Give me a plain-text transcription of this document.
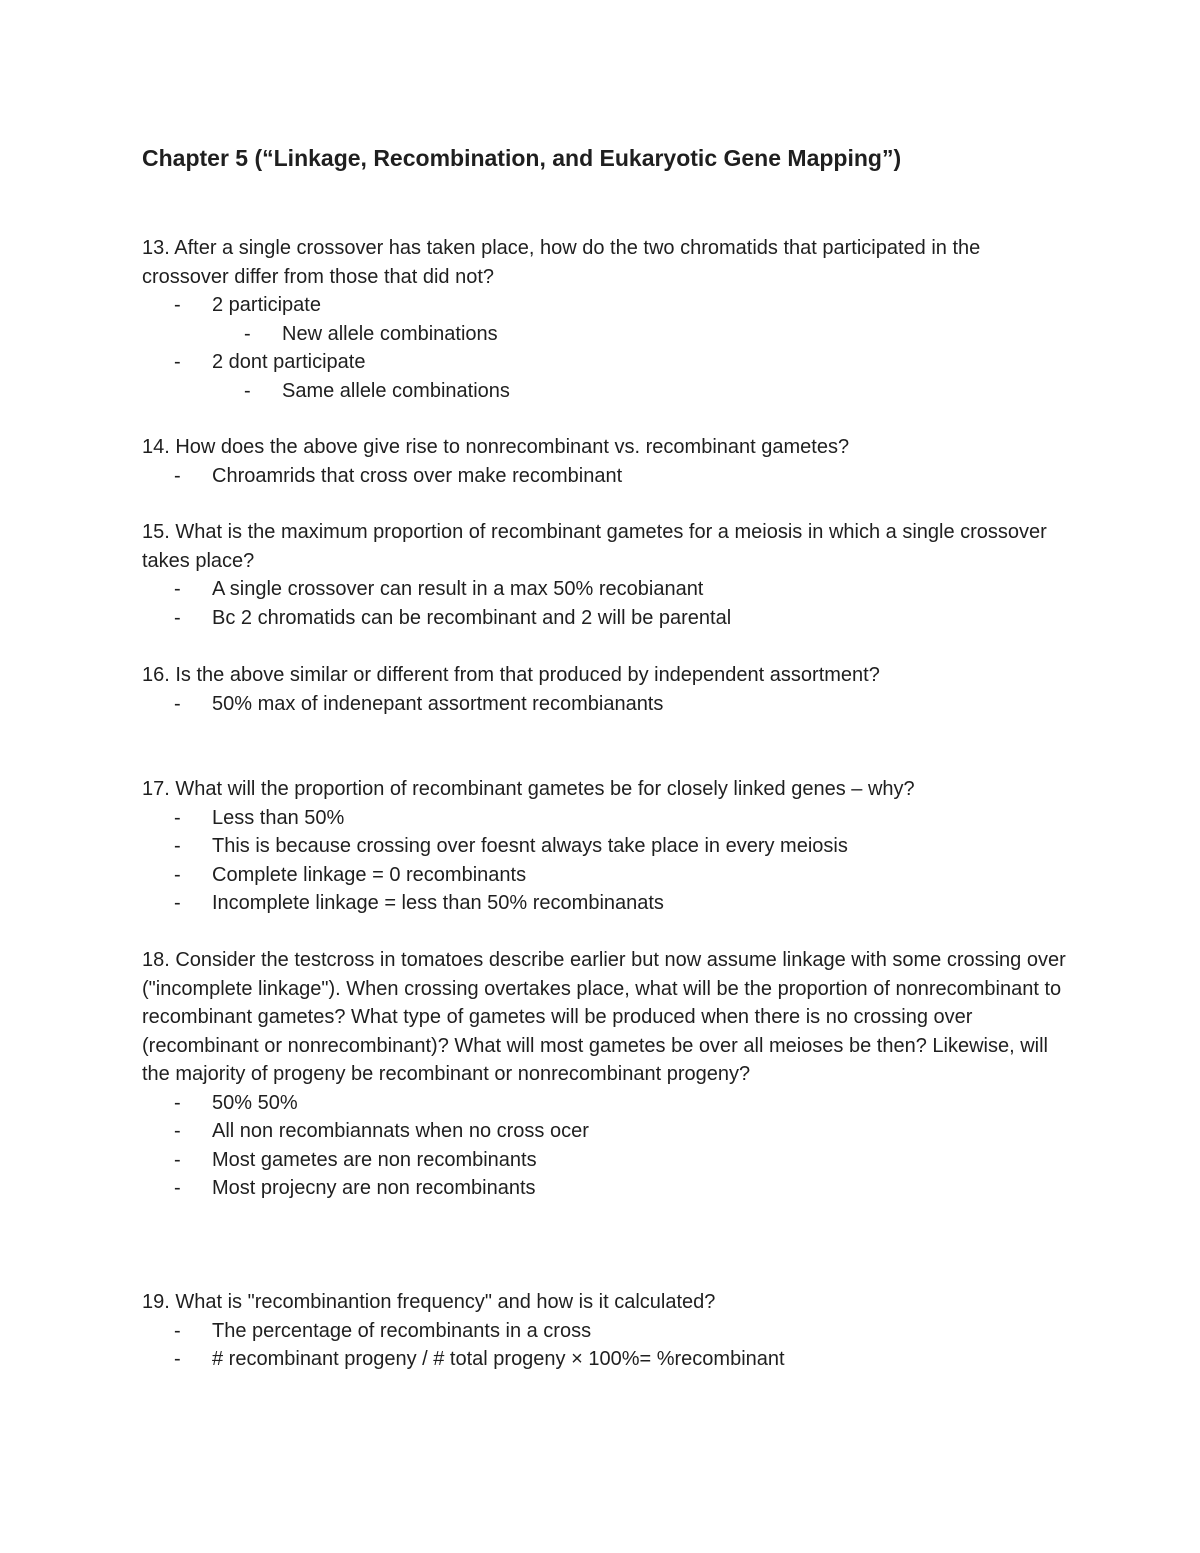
Chapter 5 (“Linkage, Recombination, and Eukaryotic Gene Mapping”)

13. After a single crossover has taken place, how do the two chromatids that participated in the crossover differ from those that did not?

- 2 participate

- New allele combinations

- 2 dont participate

- Same allele combinations

14. How does the above give rise to nonrecombinant vs. recombinant gametes?

- Chroamrids that cross over make recombinant

15. What is the maximum proportion of recombinant gametes for a meiosis in which a single crossover takes place?

- A single crossover can result in a max 50% recobianant

- Bc 2 chromatids can be recombinant and 2 will be parental

16. Is the above similar or different from that produced by independent assortment?

- 50% max of indenepant assortment recombianants

17. What will the proportion of recombinant gametes be for closely linked genes – why?

- Less than 50%

- This is because crossing over foesnt always take place in every meiosis

- Complete linkage = 0 recombinants

- Incomplete linkage = less than 50% recombinanats

18. Consider the testcross in tomatoes describe earlier but now assume linkage with some crossing over ("incomplete linkage"). When crossing overtakes place, what will be the proportion of nonrecombinant to recombinant gametes? What type of gametes will be produced when there is no crossing over (recombinant or nonrecombinant)? What will most gametes be over all meioses be then? Likewise, will the majority of progeny be recombinant or nonrecombinant progeny?

- 50% 50%

- All non recombiannats when no cross ocer

- Most gametes are non recombinants

- Most projecny are non recombinants

19. What is "recombinantion frequency" and how is it calculated?

- The percentage of recombinants in a cross

- # recombinant progeny / # total progeny × 100%= %recombinant
